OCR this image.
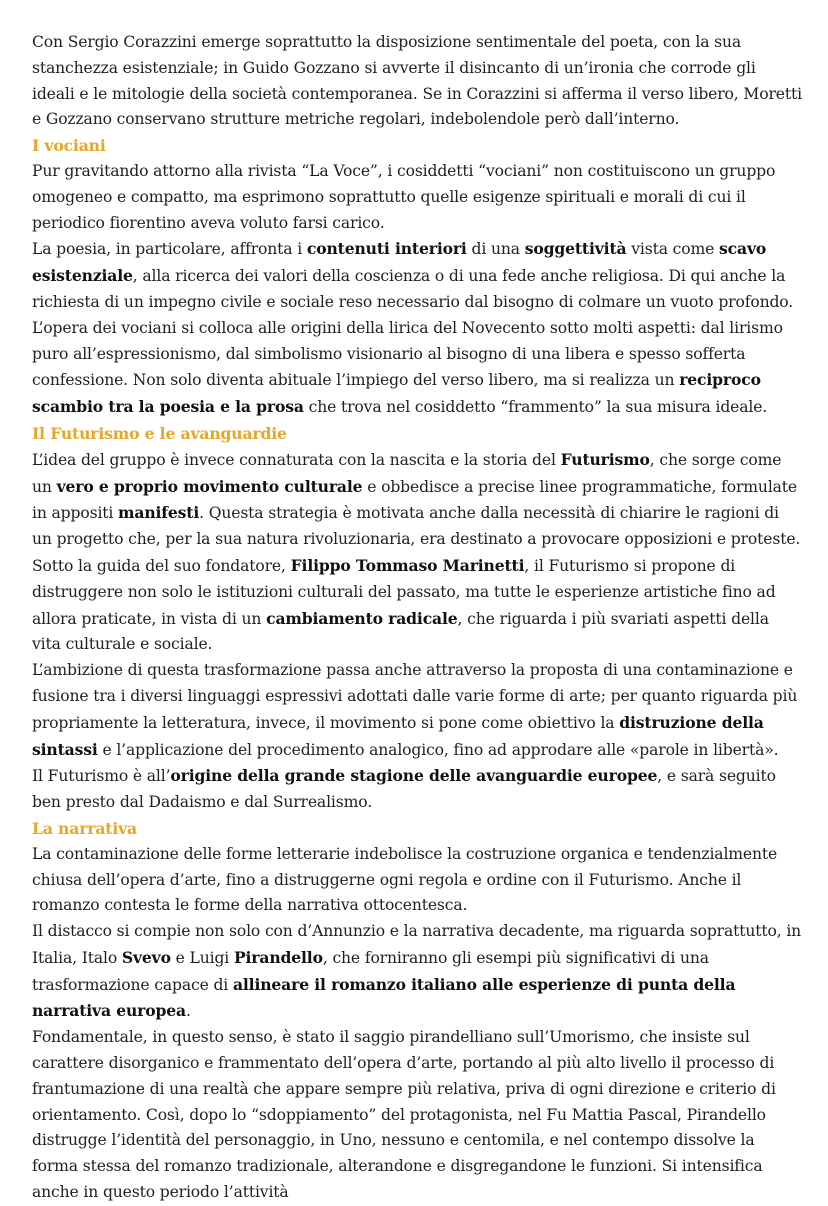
Con Sergio Corazzini emerge soprattutto la disposizione sentimentale del poeta, con la sua stanchezza esistenziale; in Guido Gozzano si avverte il disincanto di un’ironia che corrode gli ideali e le mitologie della società contemporanea. Se in Corazzini si afferma il verso libero, Moretti e Gozzano conservano strutture metriche regolari, indebolendole però dall’interno.

I vociani

Pur gravitando attorno alla rivista “La Voce”, i cosiddetti “vociani” non costituiscono un gruppo omogeneo e compatto, ma esprimono soprattutto quelle esigenze spirituali e morali di cui il periodico fiorentino aveva voluto farsi carico.

La poesia, in particolare, affronta i contenuti interiori di una soggettività vista come scavo esistenziale, alla ricerca dei valori della coscienza o di una fede anche religiosa. Di qui anche la richiesta di un impegno civile e sociale reso necessario dal bisogno di colmare un vuoto profondo.

L’opera dei vociani si colloca alle origini della lirica del Novecento sotto molti aspetti: dal lirismo puro all’espressionismo, dal simbolismo visionario al bisogno di una libera e spesso sofferta confessione. Non solo diventa abituale l’impiego del verso libero, ma si realizza un reciproco scambio tra la poesia e la prosa che trova nel cosiddetto “frammento” la sua misura ideale.

Il Futurismo e le avanguardie

L’idea del gruppo è invece connaturata con la nascita e la storia del Futurismo, che sorge come un vero e proprio movimento culturale e obbedisce a precise linee programmatiche, formulate in appositi manifesti. Questa strategia è motivata anche dalla necessità di chiarire le ragioni di un progetto che, per la sua natura rivoluzionaria, era destinato a provocare opposizioni e proteste.

Sotto la guida del suo fondatore, Filippo Tommaso Marinetti, il Futurismo si propone di distruggere non solo le istituzioni culturali del passato, ma tutte le esperienze artistiche fino ad allora praticate, in vista di un cambiamento radicale, che riguarda i più svariati aspetti della vita culturale e sociale.

L’ambizione di questa trasformazione passa anche attraverso la proposta di una contaminazione e fusione tra i diversi linguaggi espressivi adottati dalle varie forme di arte; per quanto riguarda più propriamente la letteratura, invece, il movimento si pone come obiettivo la distruzione della sintassi e l’applicazione del procedimento analogico, fino ad approdare alle «parole in libertà».

Il Futurismo è all’origine della grande stagione delle avanguardie europee, e sarà seguito ben presto dal Dadaismo e dal Surrealismo.

La narrativa

La contaminazione delle forme letterarie indebolisce la costruzione organica e tendenzialmente chiusa dell’opera d’arte, fino a distruggerne ogni regola e ordine con il Futurismo. Anche il romanzo contesta le forme della narrativa ottocentesca.

Il distacco si compie non solo con d’Annunzio e la narrativa decadente, ma riguarda soprattutto, in Italia, Italo Svevo e Luigi Pirandello, che forniranno gli esempi più significativi di una trasformazione capace di allineare il romanzo italiano alle esperienze di punta della narrativa europea.

Fondamentale, in questo senso, è stato il saggio pirandelliano sull’Umorismo, che insiste sul carattere disorganico e frammentato dell’opera d’arte, portando al più alto livello il processo di frantumazione di una realtà che appare sempre più relativa, priva di ogni direzione e criterio di orientamento. Così, dopo lo “sdoppiamento” del protagonista, nel Fu Mattia Pascal, Pirandello distrugge l’identità del personaggio, in Uno, nessuno e centomila, e nel contempo dissolve la forma stessa del romanzo tradizionale, alterandone e disgregandone le funzioni. Si intensifica anche in questo periodo l’attività
